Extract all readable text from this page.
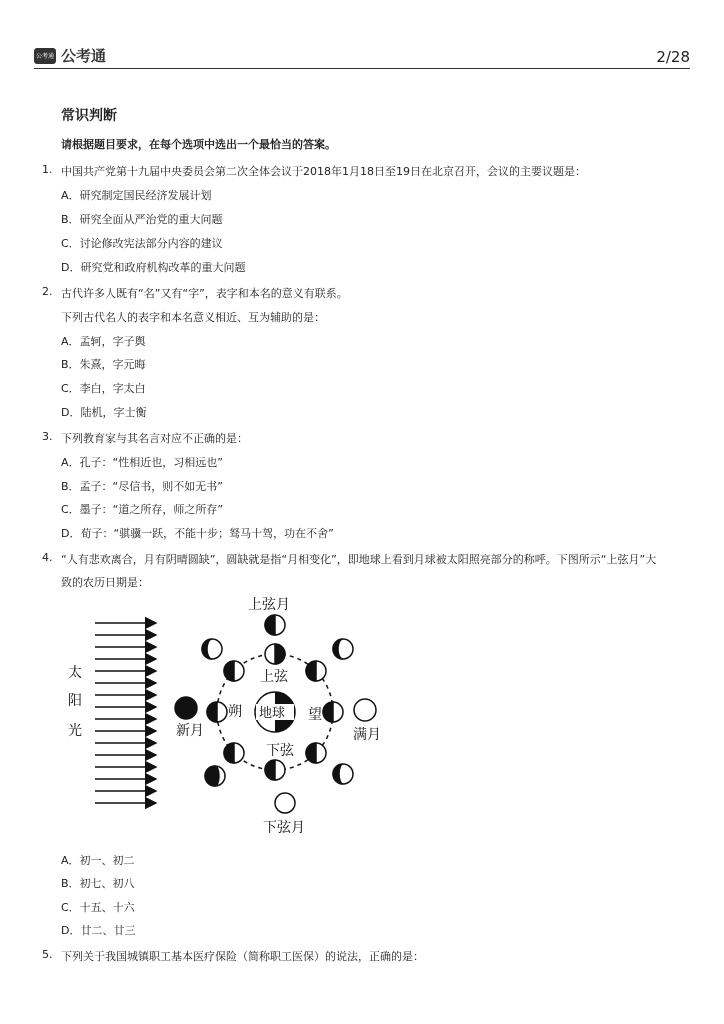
公考通 公考通	2/28
常识判断
请根据题目要求，在每个选项中选出一个最恰当的答案。
1. 中国共产党第十九届中央委员会第二次全体会议于2018年1月18日至19日在北京召开，会议的主要议题是：
A．研究制定国民经济发展计划
B．研究全面从严治党的重大问题
C．讨论修改宪法部分内容的建议
D．研究党和政府机构改革的重大问题
2. 古代许多人既有“名”又有“字”，表字和本名的意义有联系。
下列古代名人的表字和本名意义相近、互为辅助的是：
A．孟轲，字子舆
B．朱熹，字元晦
C．李白，字太白
D．陆机，字士衡
3. 下列教育家与其名言对应不正确的是：
A．孔子：“性相近也，习相远也”
B．孟子：“尽信书，则不如无书”
C．墨子：“道之所存，师之所存”
D．荀子：“骐骥一跃，不能十步；驽马十驾，功在不舍”
4. “人有悲欢离合，月有阴晴圆缺”，圆缺就是指“月相变化”，即地球上看到月球被太阳照亮部分的称呼。下图所示“上弦月”大
致的农历日期是：
太
阳
光
地球
上弦月
上弦
新月
朔
满月
望
下弦
下弦月
A．初一、初二
B．初七、初八
C．十五、十六
D．廿二、廿三
5. 下列关于我国城镇职工基本医疗保险（简称职工医保）的说法，正确的是：
